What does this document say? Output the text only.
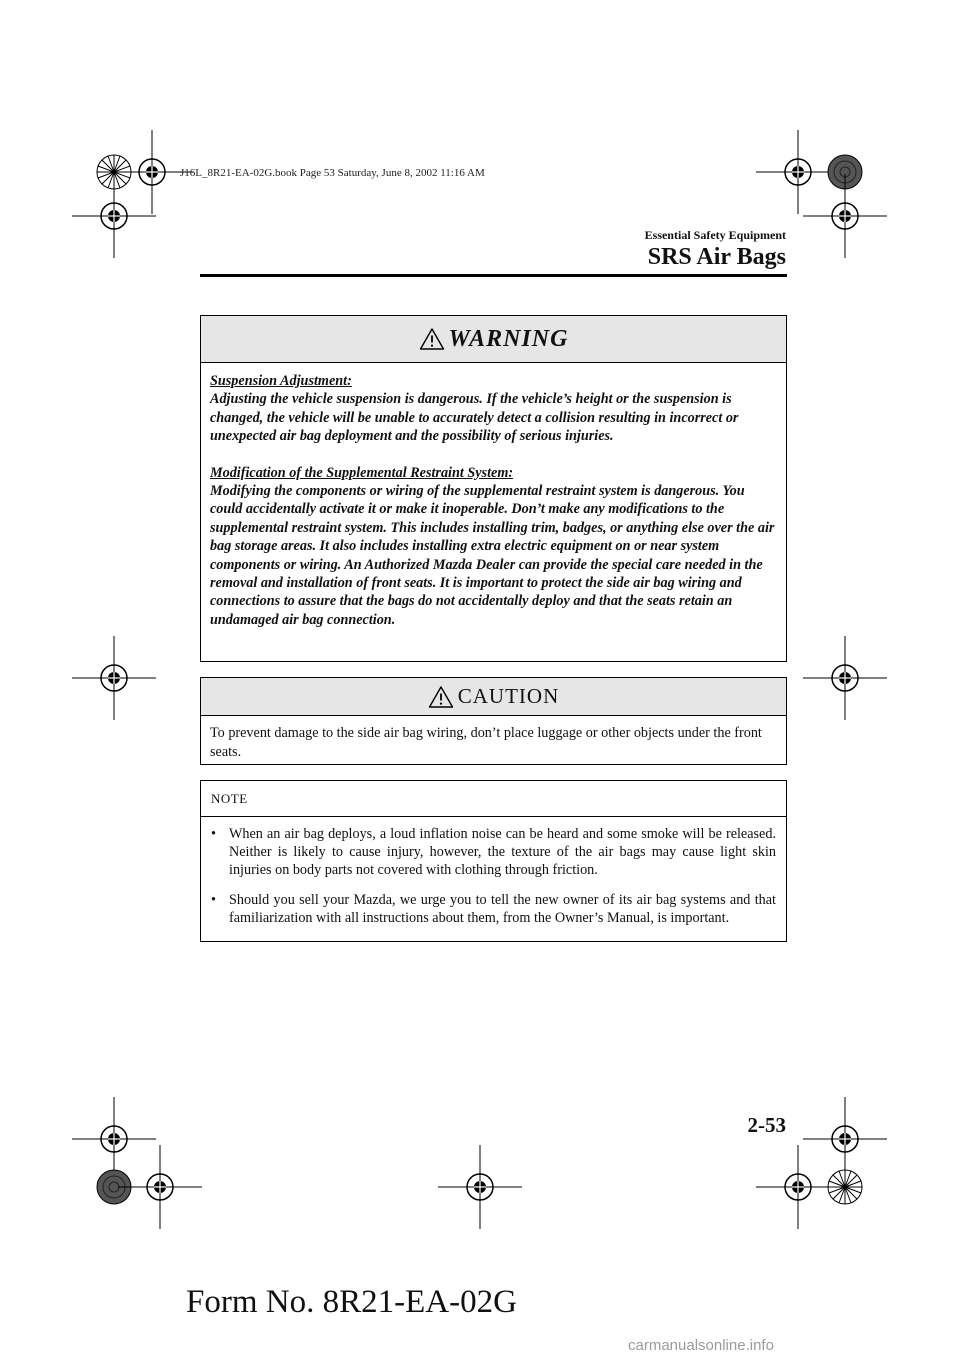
J16L_8R21-EA-02G.book Page 53 Saturday, June 8, 2002 11:16 AM
Essential Safety Equipment
SRS Air Bags
WARNING
Suspension Adjustment:
Adjusting the vehicle suspension is dangerous. If the vehicle’s height or the suspension is changed, the vehicle will be unable to accurately detect a collision resulting in incorrect or unexpected air bag deployment and the possibility of serious injuries.
Modification of the Supplemental Restraint System:
Modifying the components or wiring of the supplemental restraint system is dangerous. You could accidentally activate it or make it inoperable. Don’t make any modifications to the supplemental restraint system. This includes installing trim, badges, or anything else over the air bag storage areas. It also includes installing extra electric equipment on or near system components or wiring. An Authorized Mazda Dealer can provide the special care needed in the removal and installation of front seats. It is important to protect the side air bag wiring and connections to assure that the bags do not accidentally deploy and that the seats retain an undamaged air bag connection.
CAUTION
To prevent damage to the side air bag wiring, don’t place luggage or other objects under the front seats.
NOTE
• When an air bag deploys, a loud inflation noise can be heard and some smoke will be released. Neither is likely to cause injury, however, the texture of the air bags may cause light skin injuries on body parts not covered with clothing through friction.
• Should you sell your Mazda, we urge you to tell the new owner of its air bag systems and that familiarization with all instructions about them, from the Owner’s Manual, is important.
2-53
Form No. 8R21-EA-02G
carmanualsonline.info
